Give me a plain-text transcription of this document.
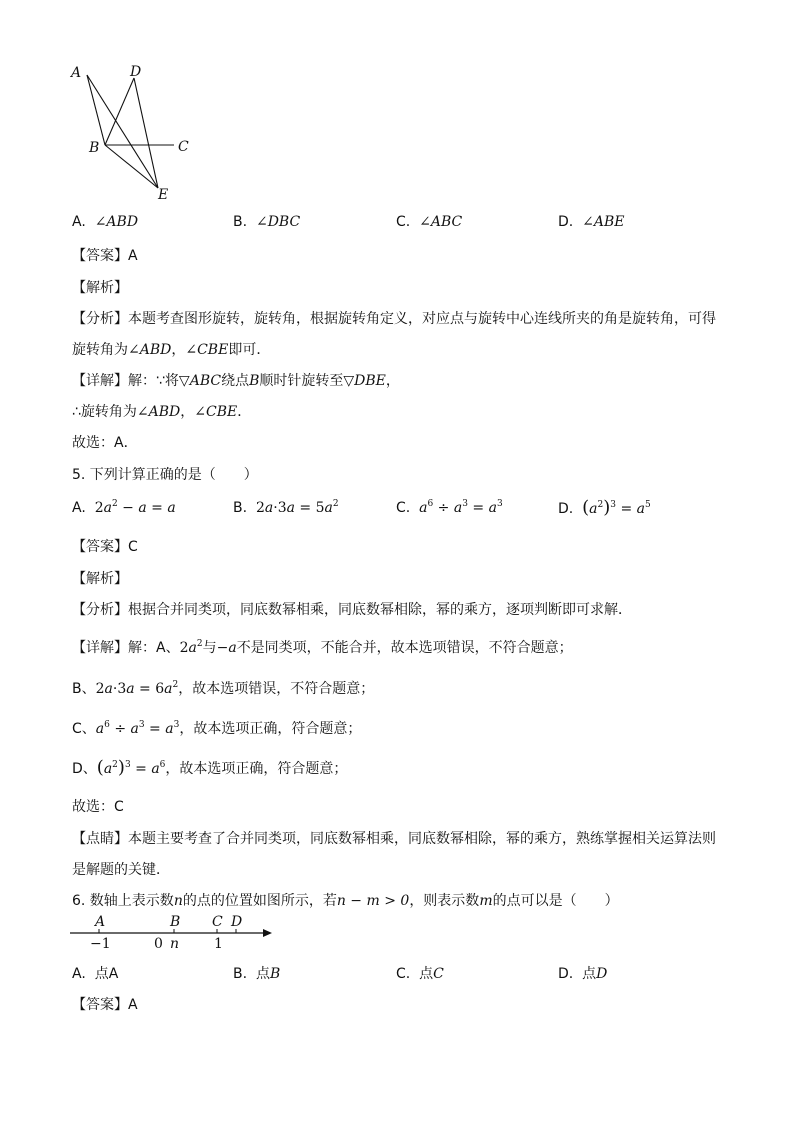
A
B	C
D
E
A. ∠ABD	B. ∠DBC	C. ∠ABC	D. ∠ABE
【答案】A
【解析】
【分析】本题考查图形旋转，旋转角，根据旋转角定义，对应点与旋转中心连线所夹的角是旋转角，可得
旋转角为∠ABD，∠CBE即可．
【详解】解：∵将▽ABC绕点B顺时针旋转至▽DBE，
∴旋转角为∠ABD，∠CBE．
故选：A．
5. 下列计算正确的是（　　）
A. $2a^2 - a = a$	B. $2a\cdot 3a = 5a^2$	C. $a^6 \div a^3 = a^3$	D. $(a^2)^3 = a^5$
【答案】C
【解析】
【分析】根据合并同类项，同底数幂相乘，同底数幂相除，幂的乘方，逐项判断即可求解．
【详解】解：A、$2a^2$与−a不是同类项，不能合并，故本选项错误，不符合题意；
B、$2a\cdot 3a = 6a^2$，故本选项错误，不符合题意；
C、$a^6 \div a^3 = a^3$，故本选项正确，符合题意；
D、$(a^2)^3 = a^6$，故本选项正确，符合题意；
故选：C
【点睛】本题主要考查了合并同类项，同底数幂相乘，同底数幂相除，幂的乘方，熟练掌握相关运算法则
是解题的关键．
6. 数轴上表示数n的点的位置如图所示，若n − m > 0，则表示数m的点可以是（　　）
A	B C D
−1	0 n 1
A. 点A	B. 点B	C. 点C	D. 点D
【答案】A
